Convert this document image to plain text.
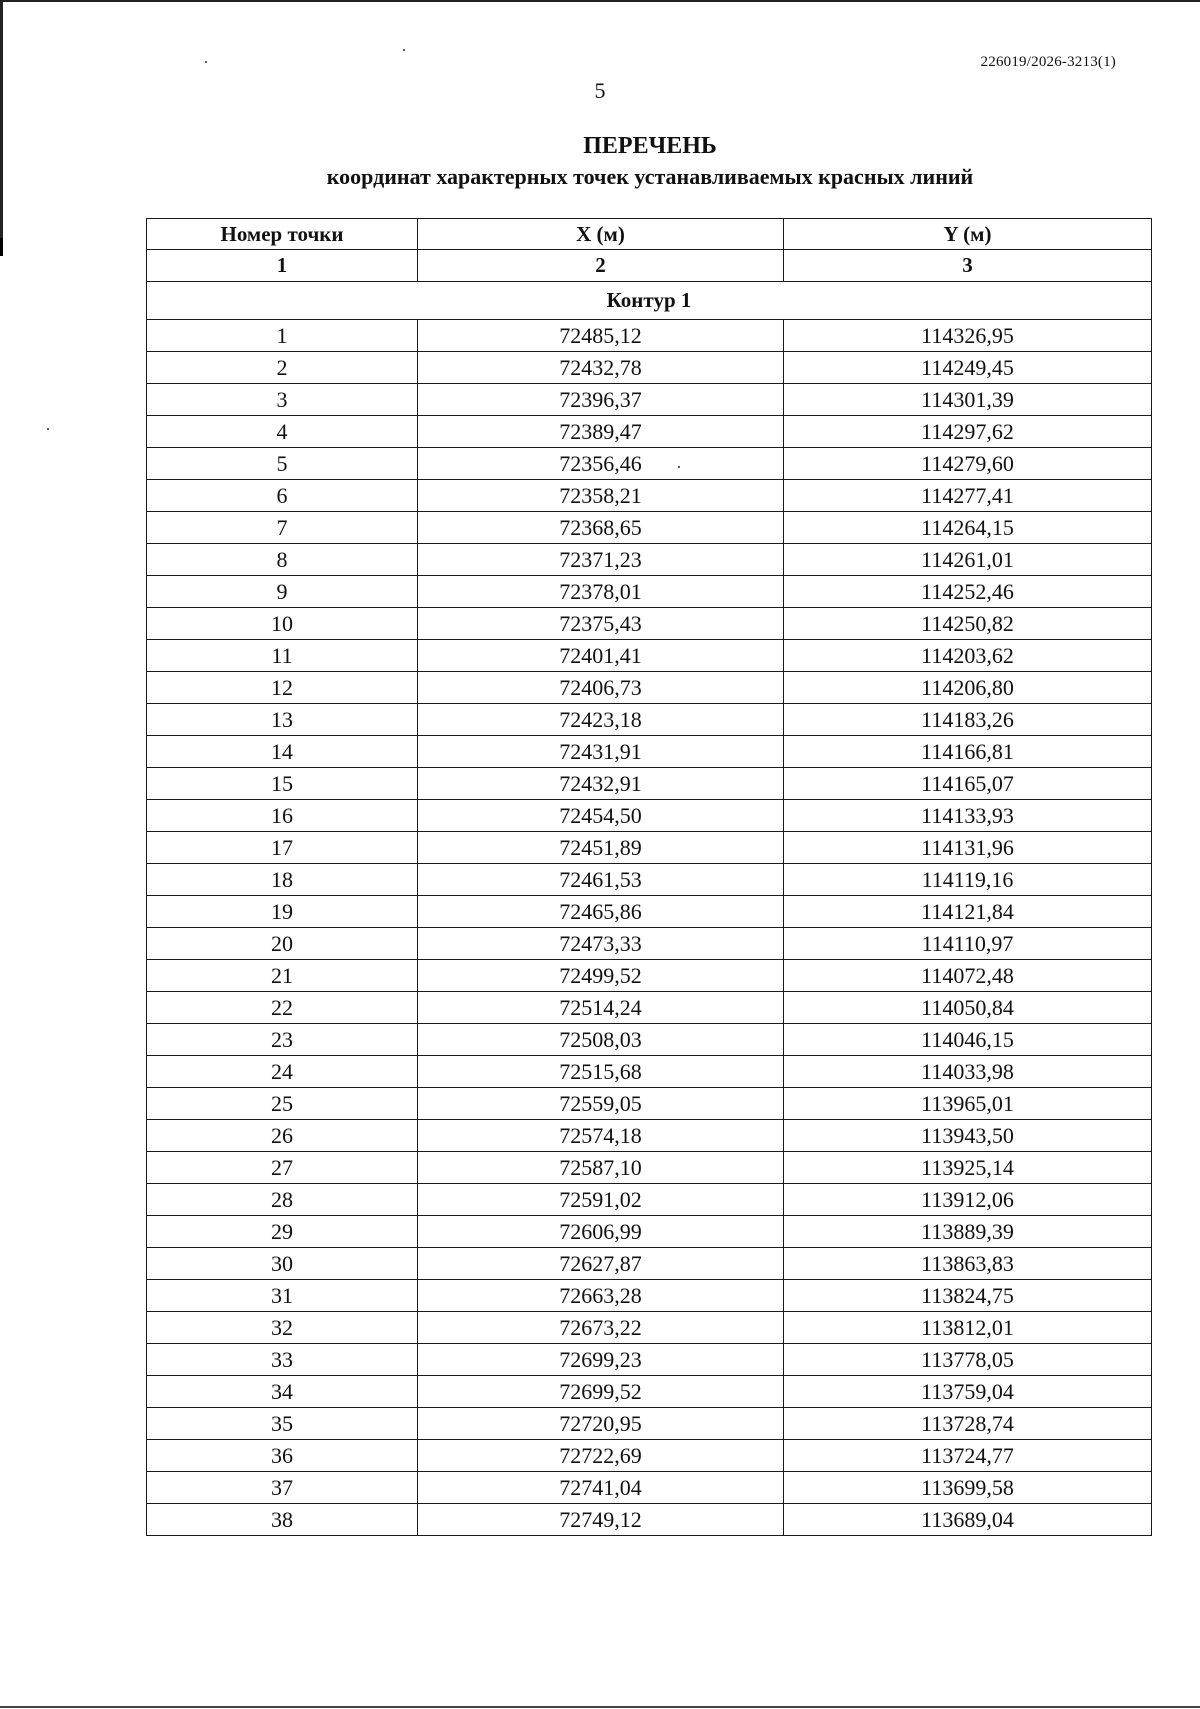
226019/2026-3213(1)
5
ПЕРЕЧЕНЬ
координат характерных точек устанавливаемых красных линий
Номер точки	X (м)	Y (м)
1	2	3
Контур 1		
1	72485,12	114326,95
2	72432,78	114249,45
3	72396,37	114301,39
4	72389,47	114297,62
5	72356,46	114279,60
6	72358,21	114277,41
7	72368,65	114264,15
8	72371,23	114261,01
9	72378,01	114252,46
10	72375,43	114250,82
11	72401,41	114203,62
12	72406,73	114206,80
13	72423,18	114183,26
14	72431,91	114166,81
15	72432,91	114165,07
16	72454,50	114133,93
17	72451,89	114131,96
18	72461,53	114119,16
19	72465,86	114121,84
20	72473,33	114110,97
21	72499,52	114072,48
22	72514,24	114050,84
23	72508,03	114046,15
24	72515,68	114033,98
25	72559,05	113965,01
26	72574,18	113943,50
27	72587,10	113925,14
28	72591,02	113912,06
29	72606,99	113889,39
30	72627,87	113863,83
31	72663,28	113824,75
32	72673,22	113812,01
33	72699,23	113778,05
34	72699,52	113759,04
35	72720,95	113728,74
36	72722,69	113724,77
37	72741,04	113699,58
38	72749,12	113689,04
